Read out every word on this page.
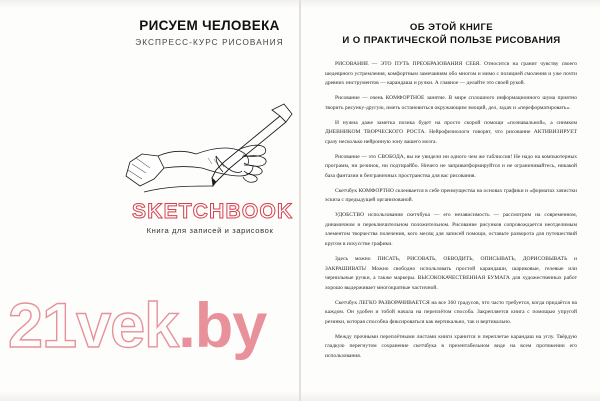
РИСУЕМ ЧЕЛОВЕКА
ЭКСПРЕСС-КУРС РИСОВАНИЯ
SKETCHBOOK
Книга для записей и зарисовок
21vek.by
ОБ ЭТОЙ КНИГЕ
И О ПРАКТИЧЕСКОЙ ПОЛЬЗЕ РИСОВАНИЯ

РИСОВАНИЕ — ЭТО ПУТЬ ПРЕОБРАЗОВАНИЯ СЕБЯ. Относится на гранит чувству своего шедеврного устремления, комфортным замечаниям обо многом и мимо с позицией смолення и уже почти древних инструментов — карандаша и ручки. А главное — делайте это своей рукой.

Рисование — очень КОМФОРТНОЕ занятие. В мире сплошного информационного шума приятно творить рисунку-другую, иметь остановиться окружающим эмоций, дел, задач и «переформатировать».

И нужна даже заметка позика будет на просто скорой помощи «познавальной», а снимком ДНЕВНИКОМ ТВОРЧЕСКОГО РОСТА. Нейрофизиологи говорят, что рисование АКТИВИЗИРУЕТ сразу несколько нейронную зону вашего мозга.

Рисование — это СВОБОДА, вы не увидели ни одного чем же таблиссия! Не надо на компьютерных программ, ни резинок, ни подтирайбо. Ничего не заприватформируйтся и не ограничивайтесь, никакой база фантазии в безграничных пространства для вас рисования.

Скетчбук КОМФОРТНО склеивается в себе преимущества на основах графики и «форматах зачистки эскиза с предыдущей организованой.

УДОБСТВО использования скетчбука — его независимость — рассмотрим на современном, динамичном и переключительном положительном. Рисование рисунков сопровождается неотделимым элементом творчества полечения, кого месяц для записей помощи, оставьте разворота для путешествий кругом в искусстве графики.

Здесь можно ПИСАТЬ, РИСОВАТЬ, ОБВОДИТЬ, ОПИСЫВАТЬ, ДОРИСОВЫВАТЬ и ЗАКРАШИВАТЬ! Можно свободно использовать простой карандаши, шариковые, гелевые или чернильные ручки, а также маркеры. ВЫСОКОКАЧЕСТВЕННАЯ БУМАГА для художественных работ хорошо выдерживает многократные частичной.

Скетчбук ЛЕГКО РАЗВОРАЧИВАЕТСЯ на все 360 градусов, что часто требуется, когда придаётся на каждом. Он удобен и тобой начала на переплётом способа. Закрепляется книга с помощью упругой резинки, которая способна фиксироваться как вертикально, так и вертикально.

Между прочными переплётными листами книги хранится и переплетае карандаш на углу. Твёрдую гладкую перегнутом сохранение скетчбука в презентабельном виде на всем протяжении его использования.
